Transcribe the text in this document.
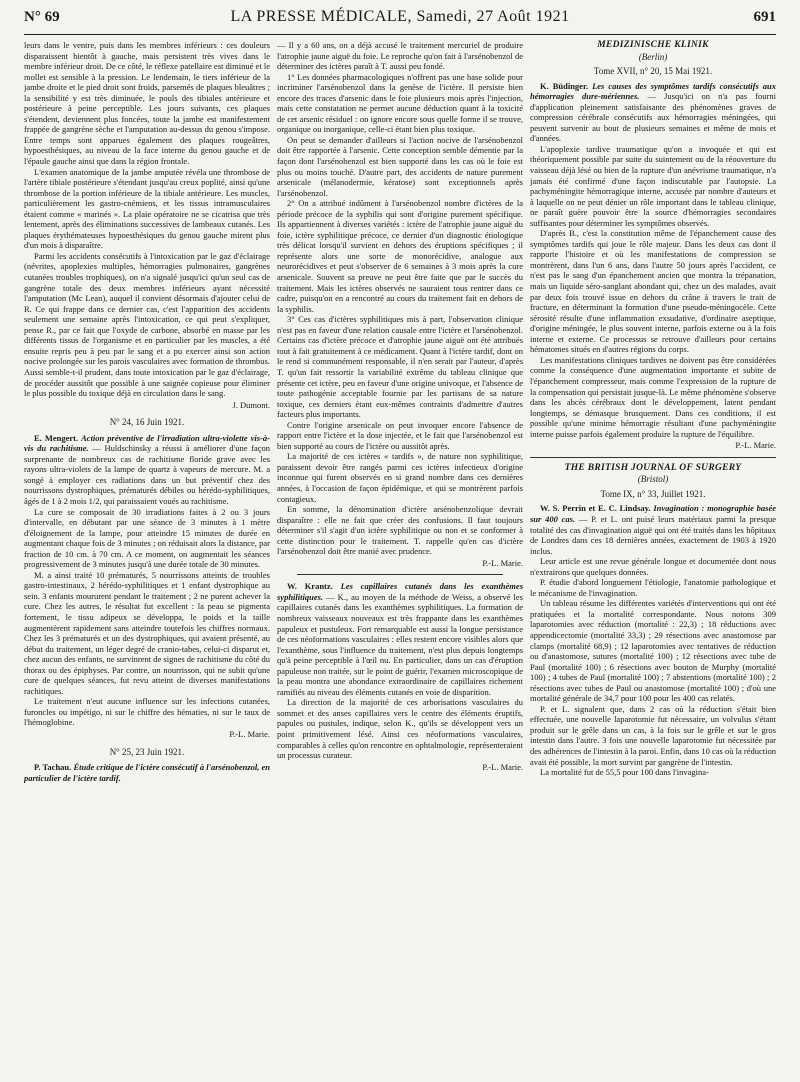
N° 69	LA PRESSE MÉDICALE, Samedi, 27 Août 1921	691

leurs dans le ventre, puis dans les membres inférieurs : ces douleurs disparaissent bientôt à gauche, mais persistent très vives dans le membre inférieur droit. De ce côté, le réflexe patellaire est diminué et le mollet est sensible à la pression. Le lendemain, le tiers inférieur de la jambe droite et le pied droit sont froids, parsemés de plaques bleuâtres ; la sensibilité y est très diminuée, le pouls des tibiales antérieure et postérieure à peine perceptible. Les jours suivants, ces plaques s'étendent, deviennent plus foncées, toute la jambe est manifestement frappée de gangrène sèche et l'amputation au-dessus du genou s'impose. Entre temps sont apparues également des plaques rougeâtres, hypoesthésiques, au niveau de la face interne du genou gauche et de l'épaule gauche ainsi que dans la région frontale.

L'examen anatomique de la jambe amputée révéla une thrombose de l'artère tibiale postérieure s'étendant jusqu'au creux poplité, ainsi qu'une thrombose de la portion inférieure de la tibiale antérieure. Les muscles, particulièrement les gastro-cnémiens, et les tissus intramusculaires étaient comme « marinés ». La plaie opératoire ne se cicatrisa que très lentement, après des éliminations successives de lambeaux cutanés. Les plaques érythémateuses hypoesthésiques du genou gauche mirent plus d'un mois à disparaître.

Parmi les accidents consécutifs à l'intoxication par le gaz d'éclairage (névrites, apoplexies multiples, hémorragies pulmonaires, gangrènes cutanées troubles trophiques), on n'a signalé jusqu'ici qu'un seul cas de gangrène totale des deux membres inférieurs ayant nécessité l'amputation (Mc Lean), auquel il convient désormais d'ajouter celui de R. Ce qui frappe dans ce dernier cas, c'est l'apparition des accidents seulement une semaine après l'intoxication, ce qui peut s'expliquer, pense R., par ce fait que l'oxyde de carbone, absorbé en masse par les différents tissus de l'organisme et en particulier par les muscles, a été ensuite repris peu à peu par le sang et a pu exercer ainsi son action nocive prolongée sur les parois vasculaires avec formation de thrombus. Aussi semble-t-il prudent, dans toute intoxication par le gaz d'éclairage, de procéder aussitôt que possible à une saignée copieuse pour éliminer le plus possible du toxique déjà en circulation dans le sang.

J. Dumont.
N° 24, 16 Juin 1921.

E. Mengert. Action préventive de l'irradiation ultra-violette vis-à-vis du rachitisme. — Huldschinsky a réussi à améliorer d'une façon surprenante de nombreux cas de rachitisme floride grave avec les rayons ultra-violets de la lampe de quartz à vapeurs de mercure. M. a songé à employer ces radiations dans un but préventif chez des nourrissons dystrophiques, prématurés débiles ou hérédo-syphilitiques, âgés de 1 à 2 mois 1/2, qui paraissaient voués au rachitisme.

La cure se composait de 30 irradiations faites à 2 ou 3 jours d'intervalle, en débutant par une séance de 3 minutes à 1 mètre d'éloignement de la lampe, pour atteindre 15 minutes de durée en augmentant chaque fois de 3 minutes ; on réduisait alors la distance, par fraction de 10 cm. à 70 cm. A ce moment, on augmentait les séances progressivement de 3 minutes jusqu'à une durée totale de 30 minutes.

M. a ainsi traité 10 prématurés, 5 nourrissons atteints de troubles gastro-intestinaux, 2 hérédo-syphilitiques et 1 enfant dystrophique au sein. 3 enfants moururent pendant le traitement ; 2 ne purent achever la cure. Chez les autres, le résultat fut excellent : la peau se pigmenta fortement, le tissu adipeux se développa, le poids et la taille augmentèrent rapidement sans atteindre toutefois les chiffres normaux. Chez les 3 prématurés et un des dystrophiques, qui avaient présenté, au début du traitement, un léger degré de cranio-tabes, celui-ci disparut et, chez aucun des enfants, ne survinrent de signes de rachitisme du côté du thorax ou des épiphyses. Par contre, un nourrisson, qui ne subit qu'une cure de quelques séances, fut revu atteint de diverses manifestations rachitiques.

Le traitement n'eut aucune influence sur les infections cutanées, furoncles ou impétigo, ni sur le chiffre des hématies, ni sur le taux de l'hémoglobine.

P.-L. Marie.
N° 25, 23 Juin 1921.

P. Tachau. Étude critique de l'ictère consécutif à l'arsénobenzol, en particulier de l'ictère tardif.

— Il y a 60 ans, on a déjà accusé le traitement mercuriel de produire l'atrophie jaune aiguë du foie. Le reproche qu'on fait à l'arsénobenzol de déterminer des ictères paraît à T. aussi peu fondé.

1° Les données pharmacologiques n'offrent pas une base solide pour incriminer l'arsénobenzol dans la genèse de l'ictère. Il persiste bien encore des traces d'arsenic dans le foie plusieurs mois après l'injection, mais cette constatation ne permet aucune déduction quant à la toxicité de cet arsenic résiduel : on ignore encore sous quelle forme il se trouve, organique ou inorganique, celle-ci étant bien plus toxique.

On peut se demander d'ailleurs si l'action nocive de l'arsénobenzol doit être rapportée à l'arsenic. Cette conception semble démentie par la façon dont l'arsénobenzol est bien supporté dans les cas où le foie est plus ou moins touché. D'autre part, des accidents de nature purement arsenicale (mélanodermie, kératose) sont exceptionnels après l'arsénobenzol.

2° On a attribué indûment à l'arsénobenzol nombre d'ictères de la période précoce de la syphilis qui sont d'origine purement spécifique. Ils appartiennent à diverses variétés : ictère de l'atrophie jaune aiguë du foie, ictère syphilitique précoce, ce dernier d'un diagnostic étiologique très délicat lorsqu'il survient en dehors des éruptions spécifiques ; il représente alors une sorte de monorécidive, analogue aux neurorécidives et peut s'observer de 6 semaines à 3 mois après la cure arsenicale. Souvent sa preuve ne peut être faite que par le succès du traitement. Mais les ictères observés ne sauraient tous rentrer dans ce cadre, puisqu'on en a rencontré au cours du traitement fait en dehors de la syphilis.

3° Ces cas d'ictères syphilitiques mis à part, l'observation clinique n'est pas en faveur d'une relation causale entre l'ictère et l'arsénobenzol. Certains cas d'ictère précoce et d'atrophie jaune aiguë ont été attribués tout à fait gratuitement à ce médicament. Quant à l'ictère tardif, dont on le rend si communément responsable, il n'en serait par l'auteur, d'après T. qu'un fait ressortir la variabilité extrême du tableau clinique que présente cet ictère, peu en faveur d'une origine univoque, et l'absence de toute pathogénie acceptable fournie par les partisans de sa nature toxique, ces derniers étant eux-mêmes contraints d'admettre d'autres facteurs plus importants.

Contre l'origine arsenicale on peut invoquer encore l'absence de rapport entre l'ictère et la dose injectée, et le fait que l'arsénobenzol est bien supporté au cours de l'ictère ou aussitôt après.

La majorité de ces ictères « tardifs », de nature non syphilitique, paraissent devoir être rangés parmi ces ictères infectieux d'origine inconnue qui furent observés en si grand nombre dans ces dernières années, à l'occasion de façon épidémique, et qui se montrèrent parfois contagieux.

En somme, la dénomination d'ictère arsénobenzolique devrait disparaître : elle ne fait que créer des confusions. Il faut toujours déterminer s'il s'agit d'un ictère syphilitique ou non et se conformer à cette distinction pour le traitement. T. rappelle qu'en cas d'ictère l'arsénobenzol doit être manié avec prudence.

P.-L. Marie.

W. Krantz. Les capillaires cutanés dans les exanthèmes syphilitiques. — K., au moyen de la méthode de Weiss, a observé les capillaires cutanés dans les exanthèmes syphilitiques. La formation de nombreux vaisseaux nouveaux est très frappante dans les exanthèmes papuleux et pustuleux. Fort remarquable est aussi la longue persistance de ces néoformations vasculaires : elles restent encore visibles alors que l'exanthème, sous l'influence du traitement, n'est plus depuis longtemps qu'à peine perceptible à l'œil nu. En particulier, dans un cas d'éruption papuleuse non traitée, sur le point de guérir, l'examen microscopique de la peau montra une abondance extraordinaire de capillaires richement ramifiés au niveau des éléments cutanés en voie de disparition.

La direction de la majorité de ces arborisations vasculaires du sommet et des anses capillaires vers le centre des éléments éruptifs, papules ou pustules, indique, selon K., qu'ils se développent vers un point primitivement lésé. Ainsi ces néoformations vasculaires, comparables à celles qu'on rencontre en ophtalmologie, représenteraient un processus curateur.

P.-L. Marie.
MEDIZINISCHE KLINIK
(Berlin)
Tome XVII, n° 20, 15 Mai 1921.

K. Büdinger. Les causes des symptômes tardifs consécutifs aux hémorragies dure-mériennes. — Jusqu'ici on n'a pas fourni d'application pleinement satisfaisante des phénomènes graves de compression cérébrale consécutifs aux hémorragies méningées, qui peuvent survenir au bout de plusieurs semaines et même de mois et d'années.

L'apoplexie tardive traumatique qu'on a invoquée et qui est théoriquement possible par suite du suintement ou de la réouverture du vaisseau déjà lésé ou bien de la rupture d'un anévrisme traumatique, n'a jamais été confirmé d'une façon indiscutable par l'autopsie. La pachyméningite hémorragique interne, accusée par nombre d'auteurs et à laquelle on ne peut dénier un rôle important dans le tableau clinique, ne paraît guère pouvoir être la source d'hémorragies secondaires suffisantes pour déterminer les symptômes observés.

D'après B., c'est la constitution même de l'épanchement cause des symptômes tardifs qui joue le rôle majeur. Dans les deux cas dont il rapporte l'histoire et où les manifestations de compression se montrèrent, dans l'un 6 ans, dans l'autre 50 jours après l'accident, ce n'est pas le sang d'un épanchement ancien que montra la trépanation, mais un liquide séro-sanglant abondant qui, chez un des malades, avait par deux fois trouvé issue en dehors du crâne à travers le trait de fracture, en déterminant la formation d'une pseudo-méningocèle. Cette sérosité résulte d'une inflammation exsudative, d'ordinaire aseptique, d'origine méningée, le plus souvent interne, parfois externe ou à la fois interne et externe. Ce processus se retrouve d'ailleurs pour certains hématomes situés en d'autres régions du corps.

Les manifestations cliniques tardives ne doivent pas être considérées comme la conséquence d'une augmentation importante et subite de l'épanchement compresseur, mais comme l'expression de la rupture de la compensation qui persistait jusque-là. Le même phénomène s'observe dans les abcès cérébraux dont le développement, latent pendant longtemps, se démasque brusquement. Dans ces conditions, il est possible qu'une minime hémorragie résultant d'une pachyméningite interne puisse parfois également produire la rupture de l'équilibre.

P.-L. Marie.
THE BRITISH JOURNAL OF SURGERY
(Bristol)
Tome IX, n° 33, Juillet 1921.

W. S. Perrin et E. C. Lindsay. Invagination : monographie basée sur 400 cas. — P. et L. ont puisé leurs matériaux parmi la presque totalité des cas d'invagination aiguë qui ont été traités dans les hôpitaux de Londres dans ces 18 dernières années, exactement de 1903 à 1920 inclus.

Leur article est une revue générale longue et documentée dont nous n'extrairons que quelques données.

P. étudie d'abord longuement l'étiologie, l'anatomie pathologique et le mécanisme de l'invagination.

Un tableau résume les différentes variétés d'interventions qui ont été pratiquées et la mortalité correspondante. Nous notons 309 laparotomies avec réduction (mortalité : 22,3) ; 18 réductions avec appendicectomie (mortalité 33,3) ; 29 résections avec anastomose par clamps (mortalité 68,9) ; 12 laparotomies avec tentatives de réduction ou d'anastomose, sutures (mortalité 100) ; 12 résections avec tube de Paul (mortalité 100) ; 6 résections avec bouton de Murphy (mortalité 100) ; 4 tubes de Paul (mortalité 100) ; 7 abstentions (mortalité 100) ; 2 résections avec tubes de Paul ou anastomose (mortalité 100) ; d'où une mortalité générale de 34,7 pour 100 pour les 400 cas relatés.

P. et L. signalent que, dans 2 cas où la réduction s'était bien effectuée, une nouvelle laparotomie fut nécessaire, un volvulus s'étant produit sur le grêle dans un cas, à la fois sur le grêle et sur le gros intestin dans l'autre. 3 fois une nouvelle laparotomie fut nécessitée par des adhérences de l'intestin à la paroi. Enfin, dans 10 cas où la réduction avait été possible, la mort survint par gangrène de l'intestin.

La mortalité fut de 55,5 pour 100 dans l'invagina-
